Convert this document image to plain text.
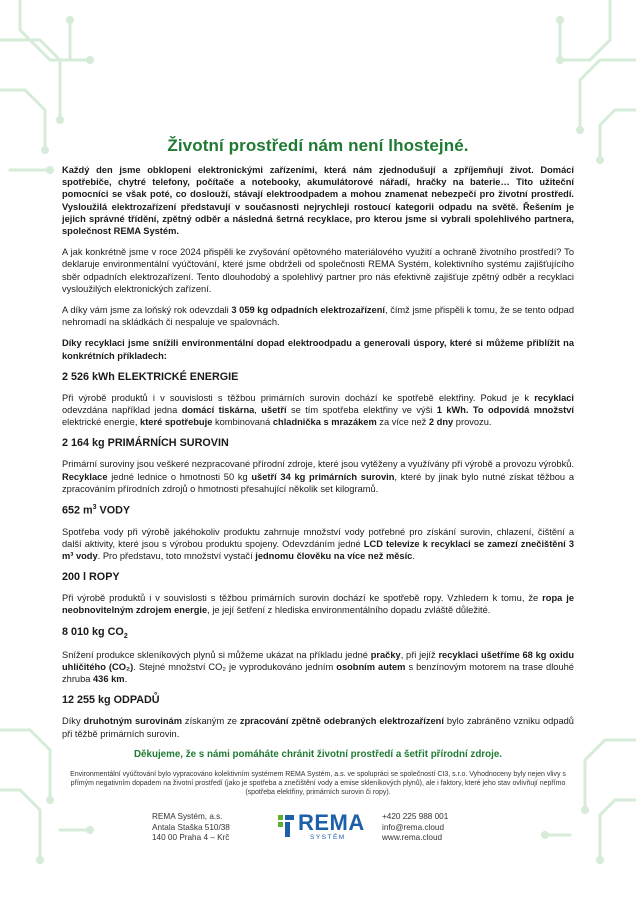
Životní prostředí nám není lhostejné.

Každý den jsme obklopeni elektronickými zařízeními, která nám zjednodušují a zpříjemňují život. Domácí spotřebiče, chytré telefony, počítače a notebooky, akumulátorové nářadí, hračky na baterie… Tito užiteční pomocníci se však poté, co doslouží, stávají elektroodpadem a mohou znamenat nebezpečí pro životní prostředí. Vysloužilá elektrozařízení představují v současnosti nejrychleji rostoucí kategorii odpadu na světě. Řešením je jejich správné třídění, zpětný odběr a následná šetrná recyklace, pro kterou jsme si vybrali spolehlivého partnera, společnost REMA Systém.

A jak konkrétně jsme v roce 2024 přispěli ke zvyšování opětovného materiálového využití a ochraně životního prostředí? To deklaruje environmentální vyúčtování, které jsme obdrželi od společnosti REMA Systém, kolektivního systému zajišťujícího sběr odpadních elektrozařízení. Tento dlouhodobý a spolehlivý partner pro nás efektivně zajišťuje zpětný odběr a recyklaci vysloužilých elektronických zařízení.

A díky vám jsme za loňský rok odevzdali 3 059 kg odpadních elektrozařízení, čímž jsme přispěli k tomu, že se tento odpad nehromadí na skládkách či nespaluje ve spalovnách.

Díky recyklaci jsme snížili environmentální dopad elektroodpadu a generovali úspory, které si můžeme přiblížit na konkrétních příkladech:

2 526 kWh ELEKTRICKÉ ENERGIE

Při výrobě produktů i v souvislosti s těžbou primárních surovin dochází ke spotřebě elektřiny. Pokud je k recyklaci odevzdána například jedna domácí tiskárna, ušetří se tím spotřeba elektřiny ve výši 1 kWh. To odpovídá množství elektrické energie, které spotřebuje kombinovaná chladnička s mrazákem za více než 2 dny provozu.

2 164 kg PRIMÁRNÍCH SUROVIN

Primární suroviny jsou veškeré nezpracované přírodní zdroje, které jsou vytěženy a využívány při výrobě a provozu výrobků. Recyklace jedné lednice o hmotnosti 50 kg ušetří 34 kg primárních surovin, které by jinak bylo nutné získat těžbou a zpracováním přírodních zdrojů o hmotnosti přesahující několik set kilogramů.

652 $m^3$ VODY

Spotřeba vody při výrobě jakéhokoliv produktu zahrnuje množství vody potřebné pro získání surovin, chlazení, čištění a další aktivity, které jsou s výrobou produktu spojeny. Odevzdáním jedné LCD televize k recyklaci se zamezí znečištění 3 m³ vody. Pro představu, toto množství vystačí jednomu člověku na více než měsíc.

200 l ROPY

Při výrobě produktů i v souvislosti s těžbou primárních surovin dochází ke spotřebě ropy. Vzhledem k tomu, že ropa je neobnovitelným zdrojem energie, je její šetření z hlediska environmentálního dopadu zvláště důležité.

8 010 kg $CO_2$

Snížení produkce skleníkových plynů si můžeme ukázat na příkladu jedné pračky, při jejíž recyklaci ušetříme 68 kg oxidu uhličitého (CO₂). Stejné množství CO₂ je vyprodukováno jedním osobním autem s benzínovým motorem na trase dlouhé zhruba 436 km.

12 255 kg ODPADŮ

Díky druhotným surovinám získaným ze zpracování zpětně odebraných elektrozařízení bylo zabráněno vzniku odpadů při těžbě primárních surovin.

Děkujeme, že s námi pomáháte chránit životní prostředí a šetřit přírodní zdroje.

Environmentální vyúčtování bylo vypracováno kolektivním systémem REMA Systém, a.s. ve spolupráci se společností CI3, s.r.o. Vyhodnoceny byly nejen vlivy s přímým negativním dopadem na životní prostředí (jako je spotřeba a znečištění vody a emise skleníkových plynů), ale i faktory, které jeho stav ovlivňují nepřímo (spotřeba elektřiny, primárních surovin či ropy).
REMA Systém, a.s.
Antala Staška 510/38
140 00 Praha 4 – Krč
REMA
SYSTÉM
+420 225 988 001
info@rema.cloud
www.rema.cloud
